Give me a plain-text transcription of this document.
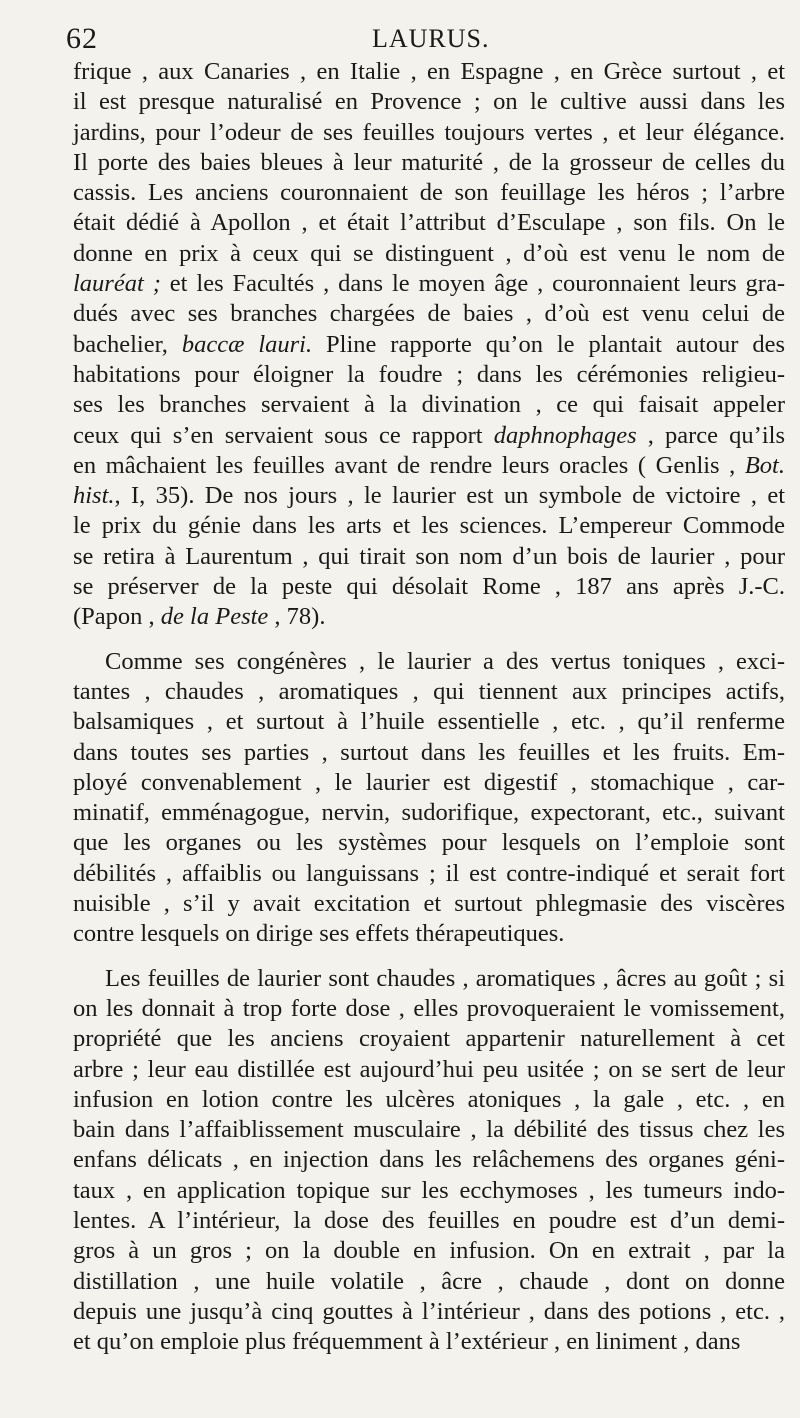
62	LAURUS.
frique , aux Canaries , en Italie , en Espagne , en Grèce surtout , et
il est presque naturalisé en Provence ; on le cultive aussi dans les
jardins, pour l’odeur de ses feuilles toujours vertes , et leur élégance.
Il porte des baies bleues à leur maturité , de la grosseur de celles du
cassis. Les anciens couronnaient de son feuillage les héros ; l’arbre
était dédié à Apollon , et était l’attribut d’Esculape , son fils. On le
donne en prix à ceux qui se distinguent , d’où est venu le nom de
lauréat ; et les Facultés , dans le moyen âge , couronnaient leurs gra-
dués avec ses branches chargées de baies , d’où est venu celui de
bachelier, baccæ lauri. Pline rapporte qu’on le plantait autour des
habitations pour éloigner la foudre ; dans les cérémonies religieu-
ses les branches servaient à la divination , ce qui faisait appeler
ceux qui s’en servaient sous ce rapport daphnophages , parce qu’ils
en mâchaient les feuilles avant de rendre leurs oracles ( Genlis , Bot.
hist., I, 35). De nos jours , le laurier est un symbole de victoire , et
le prix du génie dans les arts et les sciences. L’empereur Commode
se retira à Laurentum , qui tirait son nom d’un bois de laurier , pour
se préserver de la peste qui désolait Rome , 187 ans après J.-C.
(Papon , de la Peste , 78).
Comme ses congénères , le laurier a des vertus toniques , exci-
tantes , chaudes , aromatiques , qui tiennent aux principes actifs,
balsamiques , et surtout à l’huile essentielle , etc. , qu’il renferme
dans toutes ses parties , surtout dans les feuilles et les fruits. Em-
ployé convenablement , le laurier est digestif , stomachique , car-
minatif, emménagogue, nervin, sudorifique, expectorant, etc., suivant
que les organes ou les systèmes pour lesquels on l’emploie sont
débilités , affaiblis ou languissans ; il est contre-indiqué et serait fort
nuisible , s’il y avait excitation et surtout phlegmasie des viscères
contre lesquels on dirige ses effets thérapeutiques.
Les feuilles de laurier sont chaudes , aromatiques , âcres au goût ; si
on les donnait à trop forte dose , elles provoqueraient le vomissement,
propriété que les anciens croyaient appartenir naturellement à cet
arbre ; leur eau distillée est aujourd’hui peu usitée ; on se sert de leur
infusion en lotion contre les ulcères atoniques , la gale , etc. , en
bain dans l’affaiblissement musculaire , la débilité des tissus chez les
enfans délicats , en injection dans les relâchemens des organes géni-
taux , en application topique sur les ecchymoses , les tumeurs indo-
lentes. A l’intérieur, la dose des feuilles en poudre est d’un demi-
gros à un gros ; on la double en infusion. On en extrait , par la
distillation , une huile volatile , âcre , chaude , dont on donne
depuis une jusqu’à cinq gouttes à l’intérieur , dans des potions , etc. ,
et qu’on emploie plus fréquemment à l’extérieur , en liniment , dans
